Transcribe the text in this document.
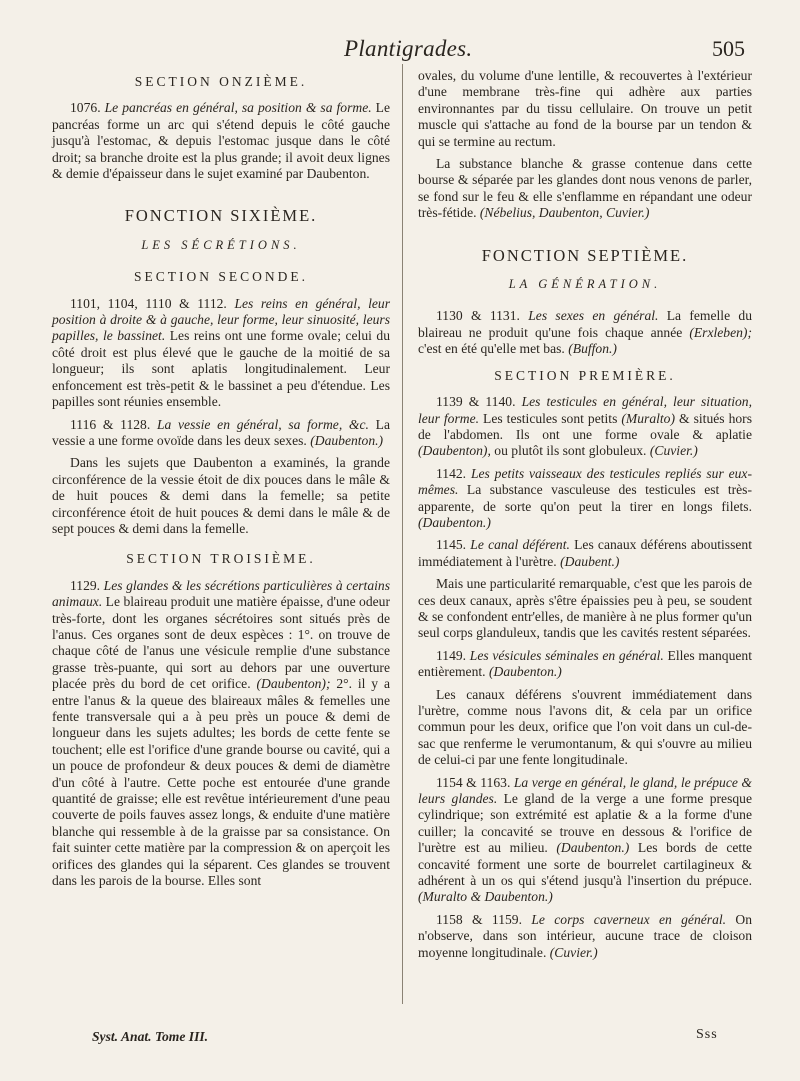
Plantigrades.	505
SECTION ONZIÈME.

1076. Le pancréas en général, sa position & sa forme. Le pancréas forme un arc qui s'étend depuis le côté gauche jusqu'à l'estomac, & depuis l'estomac jusque dans le côté droit; sa branche droite est la plus grande; il avoit deux lignes & demie d'épaisseur dans le sujet examiné par Daubenton.

FONCTION SIXIÈME.
LES SÉCRÉTIONS.
SECTION SECONDE.

1101, 1104, 1110 & 1112. Les reins en général, leur position à droite & à gauche, leur forme, leur sinuosité, leurs papilles, le bassinet. Les reins ont une forme ovale; celui du côté droit est plus élevé que le gauche de la moitié de sa longueur; ils sont aplatis longitudinalement. Leur enfoncement est très-petit & le bassinet a peu d'étendue. Les papilles sont réunies ensemble.

1116 & 1128. La vessie en général, sa forme, &c. La vessie a une forme ovoïde dans les deux sexes. (Daubenton.)

Dans les sujets que Daubenton a examinés, la grande circonférence de la vessie étoit de dix pouces dans le mâle & de huit pouces & demi dans la femelle; sa petite circonférence étoit de huit pouces & demi dans le mâle & de sept pouces & demi dans la femelle.

SECTION TROISIÈME.

1129. Les glandes & les sécrétions particulières à certains animaux. Le blaireau produit une matière épaisse, d'une odeur très-forte, dont les organes sécrétoires sont situés près de l'anus. Ces organes sont de deux espèces : 1°. on trouve de chaque côté de l'anus une vésicule remplie d'une substance grasse très-puante, qui sort au dehors par une ouverture placée près du bord de cet orifice. (Daubenton); 2°. il y a entre l'anus & la queue des blaireaux mâles & femelles une fente transversale qui a à peu près un pouce & demi de longueur dans les sujets adultes; les bords de cette fente se touchent; elle est l'orifice d'une grande bourse ou cavité, qui a un pouce de profondeur & deux pouces & demi de diamètre d'un côté à l'autre. Cette poche est entourée d'une grande quantité de graisse; elle est revêtue intérieurement d'une peau couverte de poils fauves assez longs, & enduite d'une matière blanche qui ressemble à de la graisse par sa consistance. On fait suinter cette matière par la compression & on aperçoit les orifices des glandes qui la séparent. Ces glandes se trouvent dans les parois de la bourse. Elles sont

ovales, du volume d'une lentille, & recouvertes à l'extérieur d'une membrane très-fine qui adhère aux parties environnantes par du tissu cellulaire. On trouve un petit muscle qui s'attache au fond de la bourse par un tendon & qui se termine au rectum.

La substance blanche & grasse contenue dans cette bourse & séparée par les glandes dont nous venons de parler, se fond sur le feu & elle s'enflamme en répandant une odeur très-fétide. (Nébelius, Daubenton, Cuvier.)

FONCTION SEPTIÈME.
LA GÉNÉRATION.

1130 & 1131. Les sexes en général. La femelle du blaireau ne produit qu'une fois chaque année (Erxleben); c'est en été qu'elle met bas. (Buffon.)

SECTION PREMIÈRE.

1139 & 1140. Les testicules en général, leur situation, leur forme. Les testicules sont petits (Muralto) & situés hors de l'abdomen. Ils ont une forme ovale & aplatie (Daubenton), ou plutôt ils sont globuleux. (Cuvier.)

1142. Les petits vaisseaux des testicules repliés sur eux-mêmes. La substance vasculeuse des testicules est très-apparente, de sorte qu'on peut la tirer en longs filets. (Daubenton.)

1145. Le canal déférent. Les canaux déférens aboutissent immédiatement à l'urètre. (Daubent.)

Mais une particularité remarquable, c'est que les parois de ces deux canaux, après s'être épaissies peu à peu, se soudent & se confondent entr'elles, de manière à ne plus former qu'un seul corps glanduleux, tandis que les cavités restent séparées.

1149. Les vésicules séminales en général. Elles manquent entièrement. (Daubenton.)

Les canaux déférens s'ouvrent immédiatement dans l'urètre, comme nous l'avons dit, & cela par un orifice commun pour les deux, orifice que l'on voit dans un cul-de-sac que renferme le verumontanum, & qui s'ouvre au milieu de celui-ci par une fente longitudinale.

1154 & 1163. La verge en général, le gland, le prépuce & leurs glandes. Le gland de la verge a une forme presque cylindrique; son extrémité est aplatie & a la forme d'une cuiller; la concavité se trouve en dessous & l'orifice de l'urètre est au milieu. (Daubenton.) Les bords de cette concavité forment une sorte de bourrelet cartilagineux & adhérent à un os qui s'étend jusqu'à l'insertion du prépuce. (Muralto & Daubenton.)

1158 & 1159. Le corps caverneux en général. On n'observe, dans son intérieur, aucune trace de cloison moyenne longitudinale. (Cuvier.)

Syst. Anat. Tome III.	Sss
